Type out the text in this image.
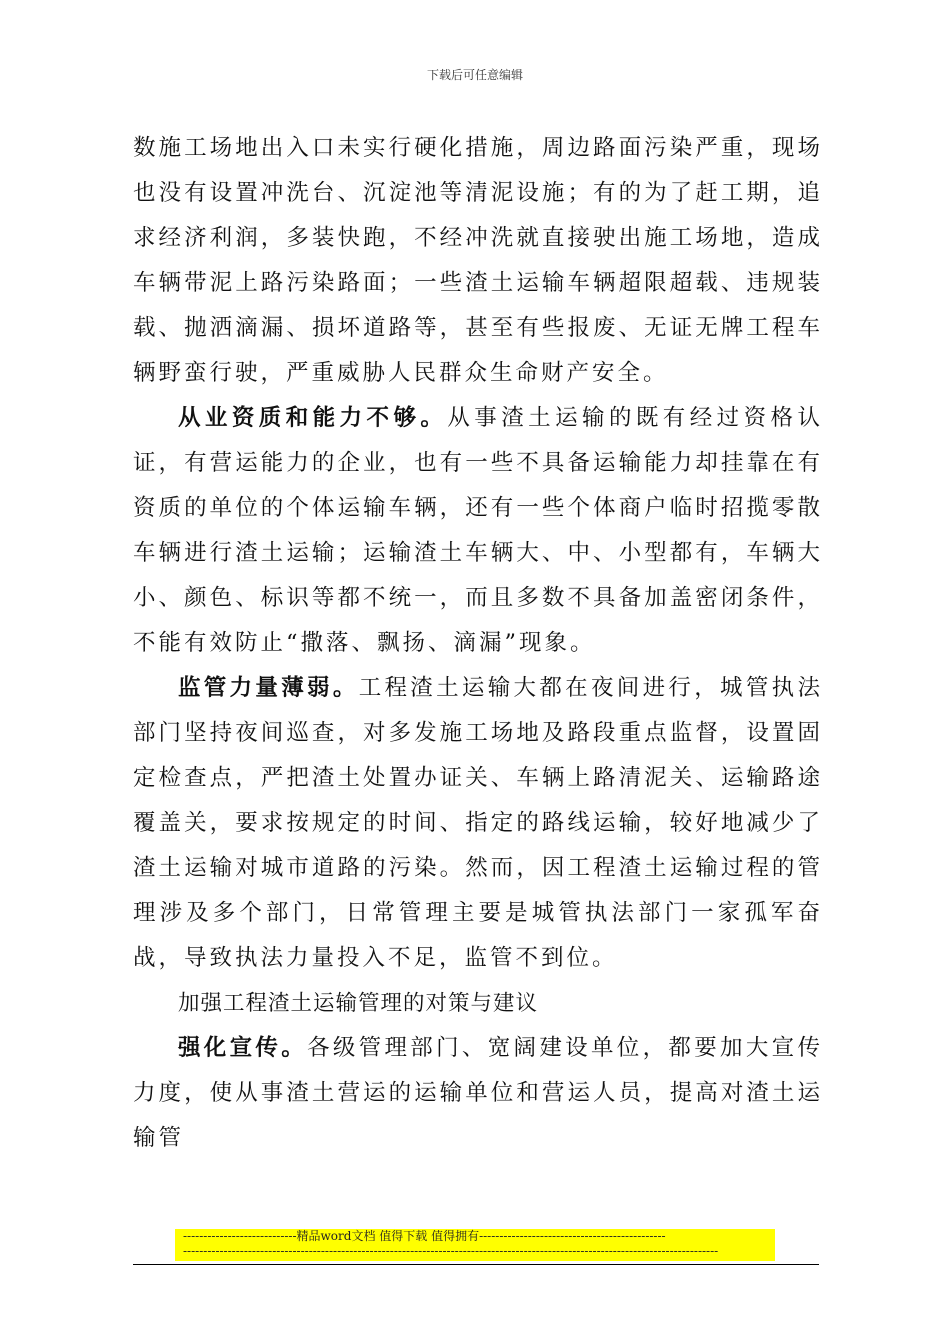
下载后可任意编辑

数施工场地出入口未实行硬化措施，周边路面污染严重，现场也没有设置冲洗台、沉淀池等清泥设施；有的为了赶工期，追求经济利润，多装快跑，不经冲洗就直接驶出施工场地，造成车辆带泥上路污染路面；一些渣土运输车辆超限超载、违规装载、抛洒滴漏、损坏道路等，甚至有些报废、无证无牌工程车辆野蛮行驶，严重威胁人民群众生命财产安全。

从业资质和能力不够。从事渣土运输的既有经过资格认证，有营运能力的企业，也有一些不具备运输能力却挂靠在有资质的单位的个体运输车辆，还有一些个体商户临时招揽零散车辆进行渣土运输；运输渣土车辆大、中、小型都有，车辆大小、颜色、标识等都不统一，而且多数不具备加盖密闭条件，不能有效防止“撒落、飘扬、滴漏”现象。

监管力量薄弱。工程渣土运输大都在夜间进行，城管执法部门坚持夜间巡查，对多发施工场地及路段重点监督，设置固定检查点，严把渣土处置办证关、车辆上路清泥关、运输路途覆盖关，要求按规定的时间、指定的路线运输，较好地减少了渣土运输对城市道路的污染。然而，因工程渣土运输过程的管理涉及多个部门，日常管理主要是城管执法部门一家孤军奋战，导致执法力量投入不足，监管不到位。

加强工程渣土运输管理的对策与建议

强化宣传。各级管理部门、宽阔建设单位，都要加大宣传力度，使从事渣土营运的运输单位和营运人员，提高对渣土运输管

----------------------------精品word文档 值得下载 值得拥有----------------------------------------------
------------------------------------------------------------------------------------------------------------------------------------
